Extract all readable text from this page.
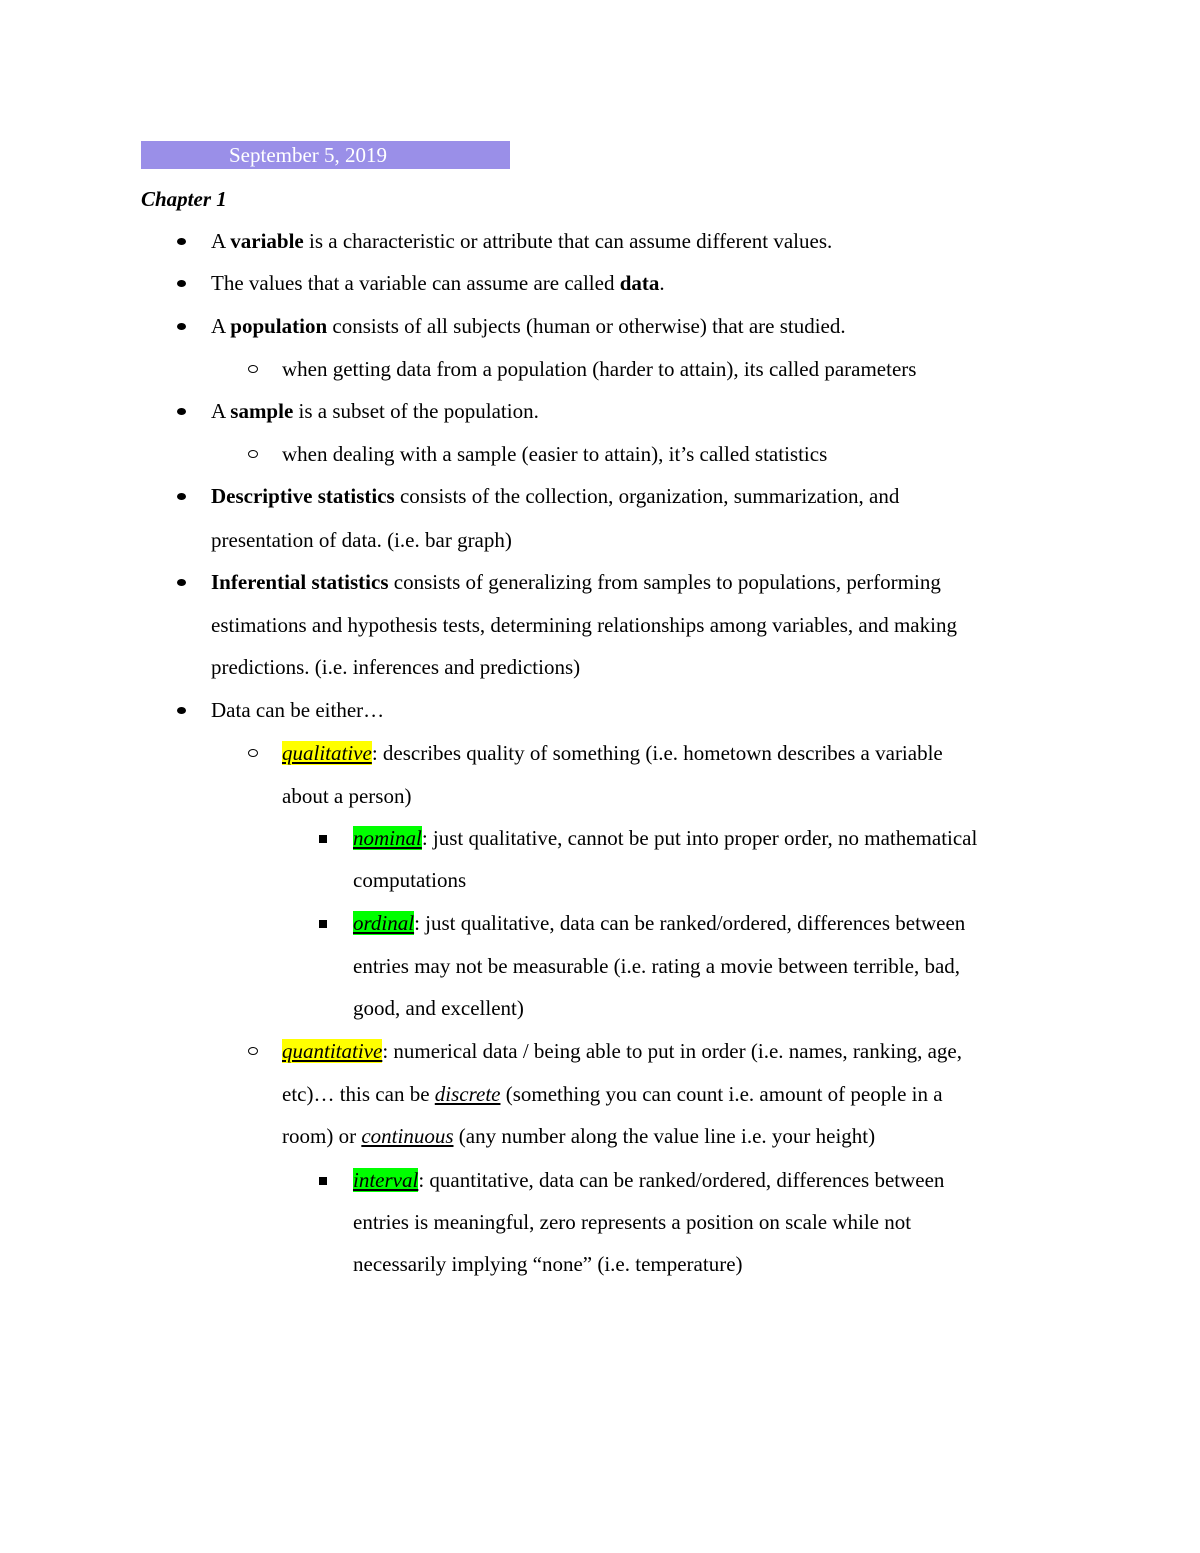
September 5, 2019
Chapter 1
A variable is a characteristic or attribute that can assume different values.
The values that a variable can assume are called data.
A population consists of all subjects (human or otherwise) that are studied.
when getting data from a population (harder to attain), its called parameters
A sample is a subset of the population.
when dealing with a sample (easier to attain), it’s called statistics
Descriptive statistics consists of the collection, organization, summarization, and
presentation of data. (i.e. bar graph)
Inferential statistics consists of generalizing from samples to populations, performing
estimations and hypothesis tests, determining relationships among variables, and making
predictions. (i.e. inferences and predictions)
Data can be either…
qualitative: describes quality of something (i.e. hometown describes a variable
about a person)
nominal: just qualitative, cannot be put into proper order, no mathematical
computations
ordinal: just qualitative, data can be ranked/ordered, differences between
entries may not be measurable (i.e. rating a movie between terrible, bad,
good, and excellent)
quantitative: numerical data / being able to put in order (i.e. names, ranking, age,
etc)… this can be discrete (something you can count i.e. amount of people in a
room) or continuous (any number along the value line i.e. your height)
interval: quantitative, data can be ranked/ordered, differences between
entries is meaningful, zero represents a position on scale while not
necessarily implying “none” (i.e. temperature)
